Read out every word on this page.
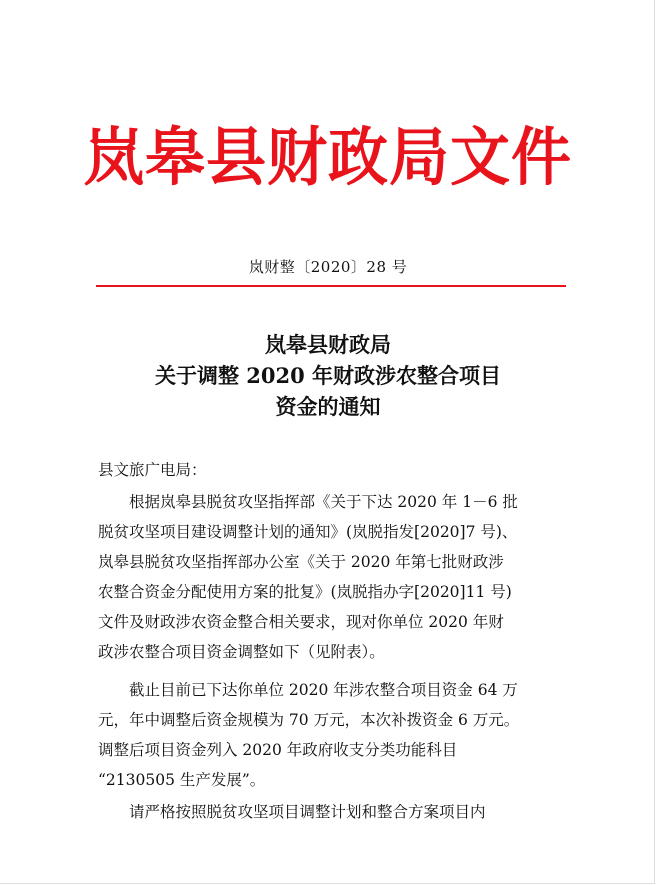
岚皋县财政局文件
岚财整〔2020〕28 号
岚皋县财政局
关于调整 2020 年财政涉农整合项目
资金的通知
县文旅广电局：
根据岚皋县脱贫攻坚指挥部《关于下达 2020 年 1－6 批
脱贫攻坚项目建设调整计划的通知》(岚脱指发[2020]7 号)、
岚皋县脱贫攻坚指挥部办公室《关于 2020 年第七批财政涉
农整合资金分配使用方案的批复》(岚脱指办字[2020]11 号)
文件及财政涉农资金整合相关要求，现对你单位 2020 年财
政涉农整合项目资金调整如下（见附表）。
截止目前已下达你单位 2020 年涉农整合项目资金 64 万
元，年中调整后资金规模为 70 万元，本次补拨资金 6 万元。
调整后项目资金列入 2020 年政府收支分类功能科目
“2130505 生产发展”。
请严格按照脱贫攻坚项目调整计划和整合方案项目内
